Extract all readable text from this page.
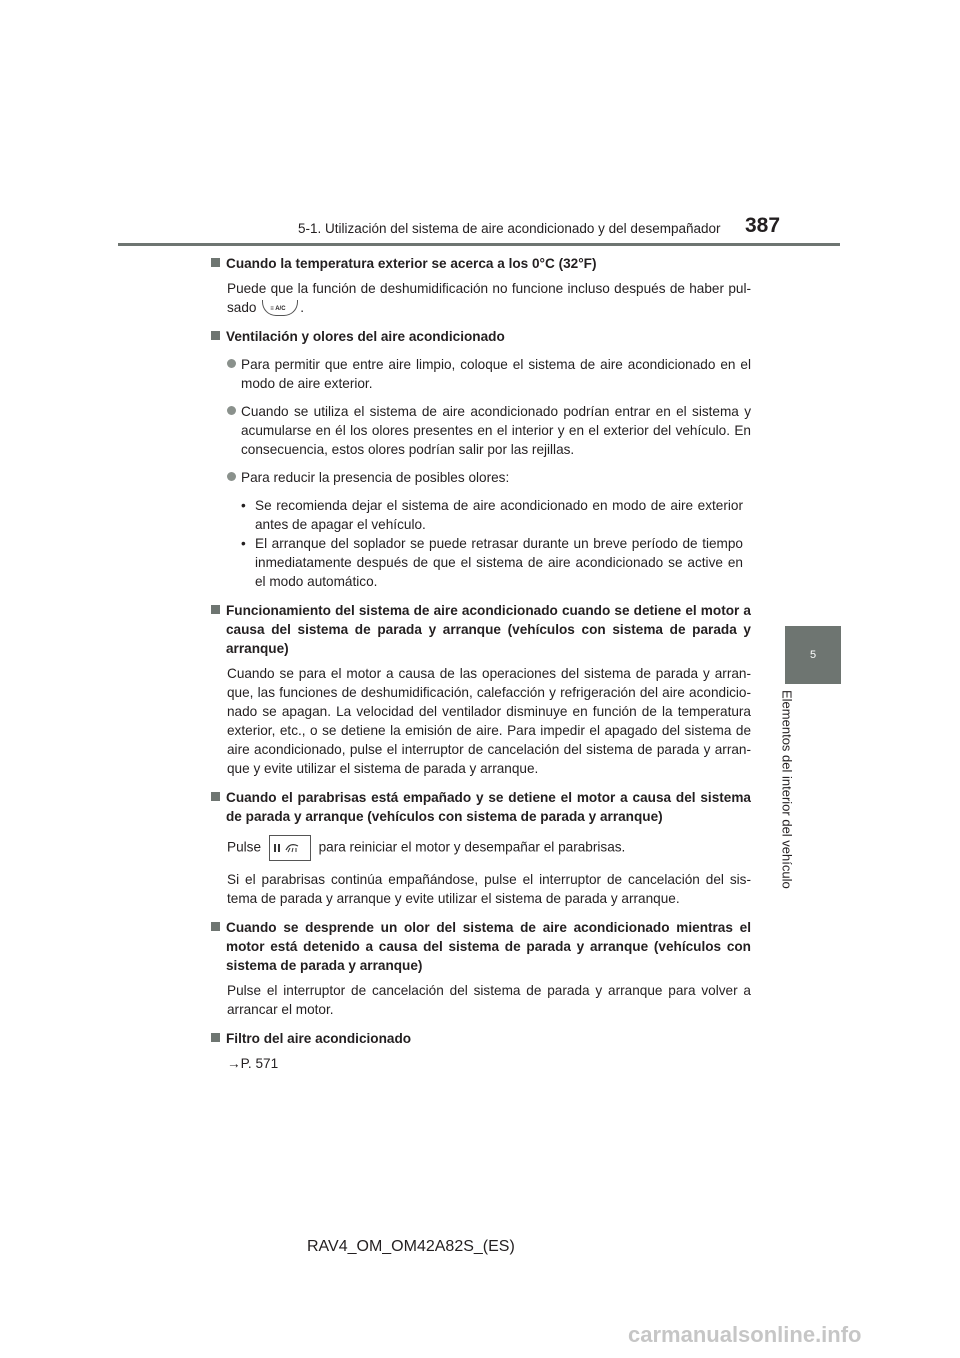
5-1. Utilización del sistema de aire acondicionado y del desempañador 387
5
Elementos del interior del vehículo
Cuando la temperatura exterior se acerca a los 0°C (32°F)
Puede que la función de deshumidificación no funcione incluso después de haber pul-sado ≡ A/C .
Ventilación y olores del aire acondicionado
Para permitir que entre aire limpio, coloque el sistema de aire acondicionado en el modo de aire exterior.
Cuando se utiliza el sistema de aire acondicionado podrían entrar en el sistema y acumularse en él los olores presentes en el interior y en el exterior del vehículo. En consecuencia, estos olores podrían salir por las rejillas.
Para reducir la presencia de posibles olores:
• Se recomienda dejar el sistema de aire acondicionado en modo de aire exterior antes de apagar el vehículo.
• El arranque del soplador se puede retrasar durante un breve período de tiempo inmediatamente después de que el sistema de aire acondicionado se active en el modo automático.
Funcionamiento del sistema de aire acondicionado cuando se detiene el motor a causa del sistema de parada y arranque (vehículos con sistema de parada y arranque)
Cuando se para el motor a causa de las operaciones del sistema de parada y arran-que, las funciones de deshumidificación, calefacción y refrigeración del aire acondicio-nado se apagan. La velocidad del ventilador disminuye en función de la temperatura exterior, etc., o se detiene la emisión de aire. Para impedir el apagado del sistema de aire acondicionado, pulse el interruptor de cancelación del sistema de parada y arran-que y evite utilizar el sistema de parada y arranque.
Cuando el parabrisas está empañado y se detiene el motor a causa del sistema de parada y arranque (vehículos con sistema de parada y arranque)
Pulse	para reiniciar el motor y desempañar el parabrisas.
Si el parabrisas continúa empañándose, pulse el interruptor de cancelación del sis-tema de parada y arranque y evite utilizar el sistema de parada y arranque.
Cuando se desprende un olor del sistema de aire acondicionado mientras el motor está detenido a causa del sistema de parada y arranque (vehículos con sistema de parada y arranque)
Pulse el interruptor de cancelación del sistema de parada y arranque para volver a arrancar el motor.
Filtro del aire acondicionado
→P. 571
RAV4_OM_OM42A82S_(ES)
carmanualsonline.info
